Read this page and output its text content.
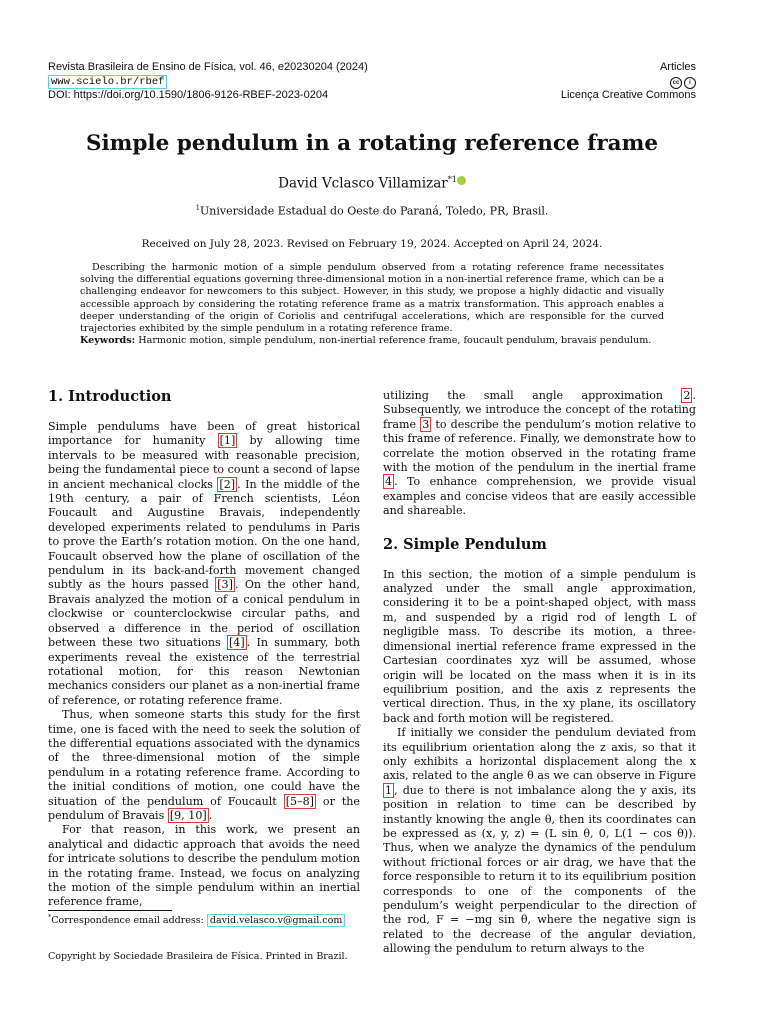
Revista Brasileira de Ensino de Física, vol. 46, e20230204 (2024)
www.scielo.br/rbef
DOI: https://doi.org/10.1590/1806-9126-RBEF-2023-0204
Articles
cc	i
Licença Creative Commons
Simple pendulum in a rotating reference frame
David Vclasco Villamizar$^{*1}$
$^1$Universidade Estadual do Oeste do Paraná, Toledo, PR, Brasil.
Received on July 28, 2023. Revised on February 19, 2024. Accepted on April 24, 2024.

Describing the harmonic motion of a simple pendulum observed from a rotating reference frame necessitates solving the differential equations governing three-dimensional motion in a non-inertial reference frame, which can be a challenging endeavor for newcomers to this subject. However, in this study, we propose a highly didactic and visually accessible approach by considering the rotating reference frame as a matrix transformation. This approach enables a deeper understanding of the origin of Coriolis and centrifugal accelerations, which are responsible for the curved trajectories exhibited by the simple pendulum in a rotating reference frame.

Keywords: Harmonic motion, simple pendulum, non-inertial reference frame, foucault pendulum, bravais pendulum.

1. Introduction

Simple pendulums have been of great historical importance for humanity [1] by allowing time intervals to be measured with reasonable precision, being the fundamental piece to count a second of lapse in ancient mechanical clocks [2] . In the middle of the 19th century, a pair of French scientists, Léon Foucault and Augustine Bravais, independently developed experiments related to pendulums in Paris to prove the Earth’s rotation motion. On the one hand, Foucault observed how the plane of oscillation of the pendulum in its back-and-forth movement changed subtly as the hours passed [3] . On the other hand, Bravais analyzed the motion of a conical pendulum in clockwise or counterclockwise circular paths, and observed a difference in the period of oscillation between these two situations [4] . In summary, both experiments reveal the existence of the terrestrial rotational motion, for this reason Newtonian mechanics considers our planet as a non-inertial frame of reference, or rotating reference frame.

Thus, when someone starts this study for the first time, one is faced with the need to seek the solution of the differential equations associated with the dynamics of the three-dimensional motion of the simple pendulum in a rotating reference frame. According to the initial conditions of motion, one could have the situation of the pendulum of Foucault [5–8] or the pendulum of Bravais [9, 10] .

For that reason, in this work, we present an analytical and didactic approach that avoids the need for intricate solutions to describe the pendulum motion in the rotating frame. Instead, we focus on analyzing the motion of the simple pendulum within an inertial reference frame,

utilizing the small angle approximation 2 . Subsequently, we introduce the concept of the rotating frame 3 to describe the pendulum’s motion relative to this frame of reference. Finally, we demonstrate how to correlate the motion observed in the rotating frame with the motion of the pendulum in the inertial frame 4 . To enhance comprehension, we provide visual examples and concise videos that are easily accessible and shareable.

2. Simple Pendulum

In this section, the motion of a simple pendulum is analyzed under the small angle approximation, considering it to be a point-shaped object, with mass m, and suspended by a rigid rod of length L of negligible mass. To describe its motion, a three-dimensional inertial reference frame expressed in the Cartesian coordinates xyz will be assumed, whose origin will be located on the mass when it is in its equilibrium position, and the axis z represents the vertical direction. Thus, in the xy plane, its oscillatory back and forth motion will be registered.

If initially we consider the pendulum deviated from its equilibrium orientation along the z axis, so that it only exhibits a horizontal displacement along the x axis, related to the angle θ as we can observe in Figure 1 , due to there is not imbalance along the y axis, its position in relation to time can be described by instantly knowing the angle θ, then its coordinates can be expressed as (x, y, z) = (L sin θ, 0, L(1 − cos θ)). Thus, when we analyze the dynamics of the pendulum without frictional forces or air drag, we have that the force responsible to return it to its equilibrium position corresponds to one of the components of the pendulum’s weight perpendicular to the direction of the rod, F = −mg sin θ, where the negative sign is related to the decrease of the angular deviation, allowing the pendulum to return always to the

*Correspondence email address: david.velasco.v@gmail.com
Copyright by Sociedade Brasileira de Física. Printed in Brazil.
